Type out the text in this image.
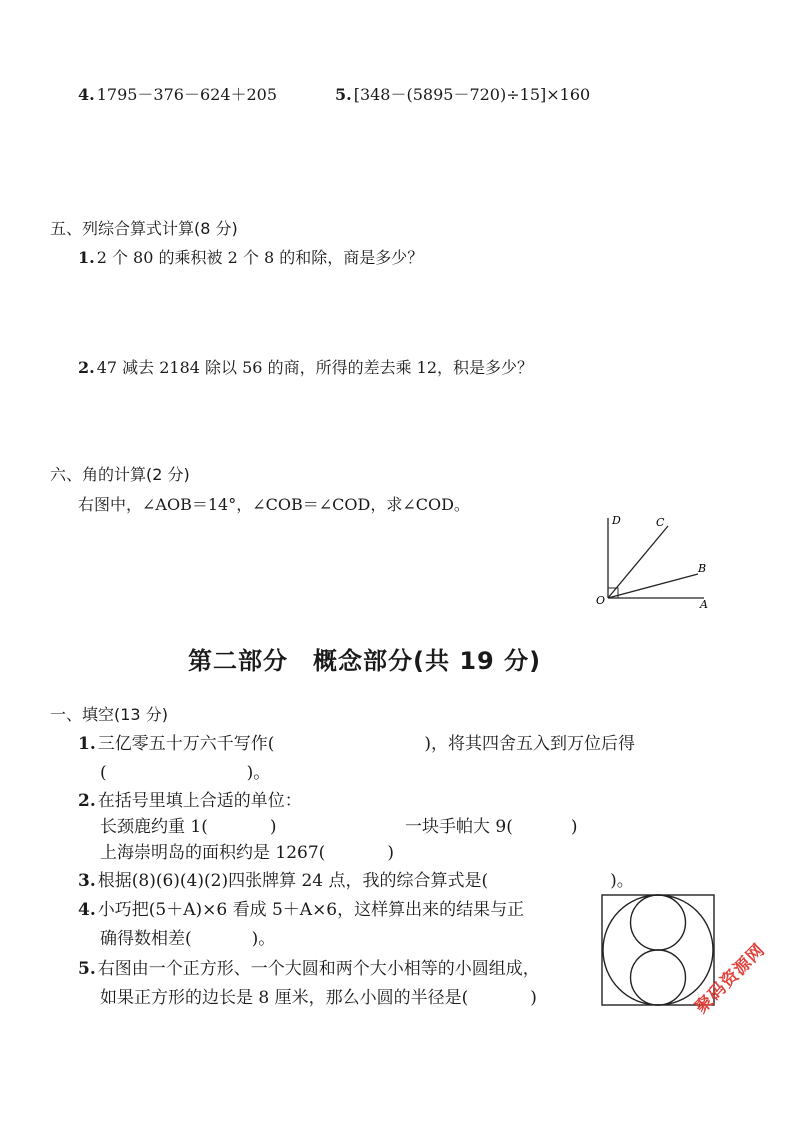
4. 1795－376－624＋205	5. [348－(5895－720)÷15]×160
五、列综合算式计算(8 分)
1. 2 个 80 的乘积被 2 个 8 的和除，商是多少？
2. 47 减去 2184 除以 56 的商，所得的差去乘 12，积是多少？
六、角的计算(2 分)
右图中，∠AOB＝14°，∠COB＝∠COD，求∠COD。
D	C
B
O	A
第二部分　概念部分(共 19 分)
一、填空(13 分)
1. 三亿零五十万六千写作(	)，将其四舍五入到万位后得
(	)。
2. 在括号里填上合适的单位：
长颈鹿约重 1(	)	一块手帕大 9(	)
上海崇明岛的面积约是 1267(	)
3. 根据(8)(6)(4)(2)四张牌算 24 点，我的综合算式是(	)。
4. 小巧把(5＋A)×6 看成 5＋A×6，这样算出来的结果与正
确得数相差(	)。
5. 右图由一个正方形、一个大圆和两个大小相等的小圆组成，
如果正方形的边长是 8 厘米，那么小圆的半径是(	)	聚码资源网
